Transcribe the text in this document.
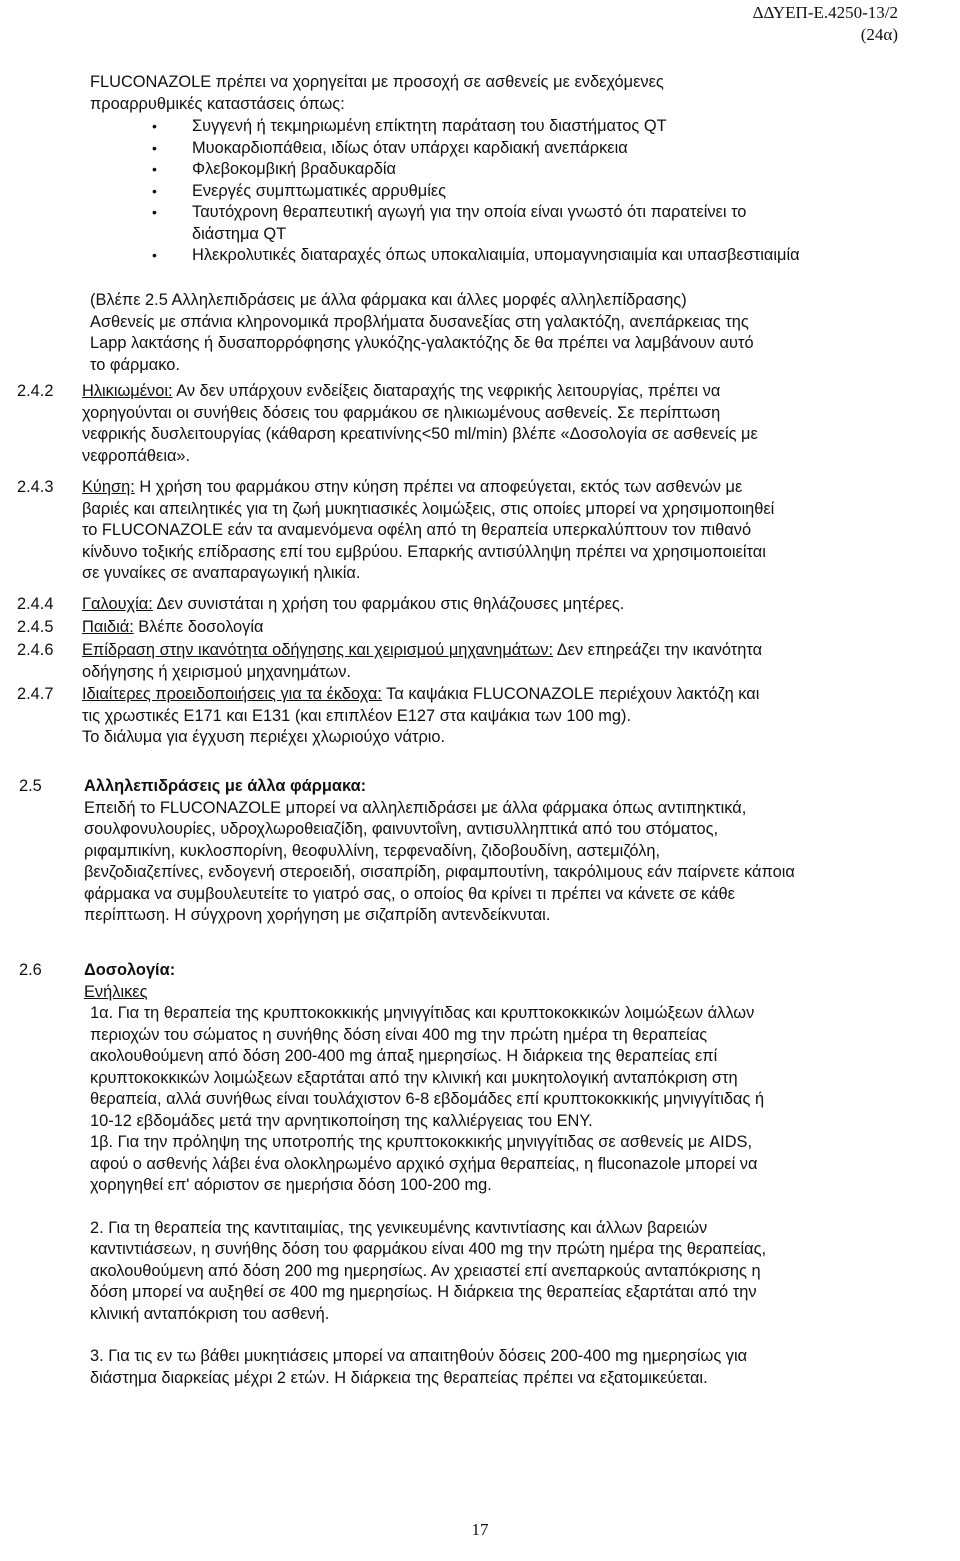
ΔΔΥΕΠ-Ε.4250-13/2
(24α)
FLUCONAZOLE πρέπει να χορηγείται με προσοχή σε ασθενείς με ενδεχόμενες
προαρρυθμικές καταστάσεις όπως:
• Συγγενή ή τεκμηριωμένη επίκτητη παράταση του διαστήματος QT
• Μυοκαρδιοπάθεια, ιδίως όταν υπάρχει καρδιακή ανεπάρκεια
• Φλεβοκομβική βραδυκαρδία
• Ενεργές συμπτωματικές αρρυθμίες
• Ταυτόχρονη θεραπευτική αγωγή για την οποία είναι γνωστό ότι παρατείνει το
διάστημα QT
• Ηλεκρολυτικές διαταραχές όπως υποκαλιαιμία, υπομαγνησιαιμία και υπασβεστιαιμία
(Βλέπε 2.5 Αλληλεπιδράσεις με άλλα φάρμακα και άλλες μορφές αλληλεπίδρασης)
Ασθενείς με σπάνια κληρονομικά προβλήματα δυσανεξίας στη γαλακτόζη, ανεπάρκειας της
Lapp λακτάσης ή δυσαπορρόφησης γλυκόζης-γαλακτόζης δε θα πρέπει να λαμβάνουν αυτό
το φάρμακο.
2.4.2 Ηλικιωμένοι: Αν δεν υπάρχουν ενδείξεις διαταραχής της νεφρικής λειτουργίας, πρέπει να
χορηγούνται οι συνήθεις δόσεις του φαρμάκου σε ηλικιωμένους ασθενείς. Σε περίπτωση
νεφρικής δυσλειτουργίας (κάθαρση κρεατινίνης<50 ml/min) βλέπε «Δοσολογία σε ασθενείς με
νεφροπάθεια».
2.4.3 Κύηση: Η χρήση του φαρμάκου στην κύηση πρέπει να αποφεύγεται, εκτός των ασθενών με
βαριές και απειλητικές για τη ζωή μυκητιασικές λοιμώξεις, στις οποίες μπορεί να χρησιμοποιηθεί
το FLUCONAZOLE εάν τα αναμενόμενα οφέλη από τη θεραπεία υπερκαλύπτουν τον πιθανό
κίνδυνο τοξικής επίδρασης επί του εμβρύου. Επαρκής αντισύλληψη πρέπει να χρησιμοποιείται
σε γυναίκες σε αναπαραγωγική ηλικία.
2.4.4 Γαλουχία: Δεν συνιστάται η χρήση του φαρμάκου στις θηλάζουσες μητέρες.
2.4.5 Παιδιά: Βλέπε δοσολογία
2.4.6 Επίδραση στην ικανότητα οδήγησης και χειρισμού μηχανημάτων: Δεν επηρεάζει την ικανότητα
οδήγησης ή χειρισμού μηχανημάτων.
2.4.7 Ιδιαίτερες προειδοποιήσεις για τα έκδοχα: Τα καψάκια FLUCONAZOLE περιέχουν λακτόζη και
τις χρωστικές Ε171 και Ε131 (και επιπλέον Ε127 στα καψάκια των 100 mg).
Το διάλυμα για έγχυση περιέχει χλωριούχο νάτριο.
2.5	Αλληλεπιδράσεις με άλλα φάρμακα:
Επειδή το FLUCONAZOLE μπορεί να αλληλεπιδράσει με άλλα φάρμακα όπως αντιπηκτικά,
σουλφονυλουρίες, υδροχλωροθειαζίδη, φαινυντοΐνη, αντισυλληπτικά από του στόματος,
ριφαμπικίνη, κυκλοσπορίνη, θεοφυλλίνη, τερφεναδίνη, ζιδοβουδίνη, αστεμιζόλη,
βενζοδιαζεπίνες, ενδογενή στεροειδή, σισαπρίδη, ριφαμπουτίνη, τακρόλιμους εάν παίρνετε κάποια
φάρμακα να συμβουλευτείτε το γιατρό σας, ο οποίος θα κρίνει τι πρέπει να κάνετε σε κάθε
περίπτωση. Η σύγχρονη χορήγηση με σιζαπρίδη αντενδείκνυται.
2.6	Δοσολογία:
Ενήλικες
1α. Για τη θεραπεία της κρυπτοκοκκικής μηνιγγίτιδας και κρυπτοκοκκικών λοιμώξεων άλλων
περιοχών του σώματος η συνήθης δόση είναι 400 mg την πρώτη ημέρα τη θεραπείας
ακολουθούμενη από δόση 200-400 mg άπαξ ημερησίως. Η διάρκεια της θεραπείας επί
κρυπτοκοκκικών λοιμώξεων εξαρτάται από την κλινική και μυκητολογική ανταπόκριση στη
θεραπεία, αλλά συνήθως είναι τουλάχιστον 6-8 εβδομάδες επί κρυπτοκοκκικής μηνιγγίτιδας ή
10-12 εβδομάδες μετά την αρνητικοποίηση της καλλιέργειας του ENY.
1β. Για την πρόληψη της υποτροπής της κρυπτοκοκκικής μηνιγγίτιδας σε ασθενείς με AIDS,
αφού ο ασθενής λάβει ένα ολοκληρωμένο αρχικό σχήμα θεραπείας, η fluconazole μπορεί να
χορηγηθεί επ' αόριστον σε ημερήσια δόση 100-200 mg.
2. Για τη θεραπεία της καντιταιμίας, της γενικευμένης καντιντίασης και άλλων βαρειών
καντιντιάσεων, η συνήθης δόση του φαρμάκου είναι 400 mg την πρώτη ημέρα της θεραπείας,
ακολουθούμενη από δόση 200 mg ημερησίως. Αν χρειαστεί επί ανεπαρκούς ανταπόκρισης η
δόση μπορεί να αυξηθεί σε 400 mg ημερησίως. Η διάρκεια της θεραπείας εξαρτάται από την
κλινική ανταπόκριση του ασθενή.
3. Για τις εν τω βάθει μυκητιάσεις μπορεί να απαιτηθούν δόσεις 200-400 mg ημερησίως για
διάστημα διαρκείας μέχρι 2 ετών. Η διάρκεια της θεραπείας πρέπει να εξατομικεύεται.
17
